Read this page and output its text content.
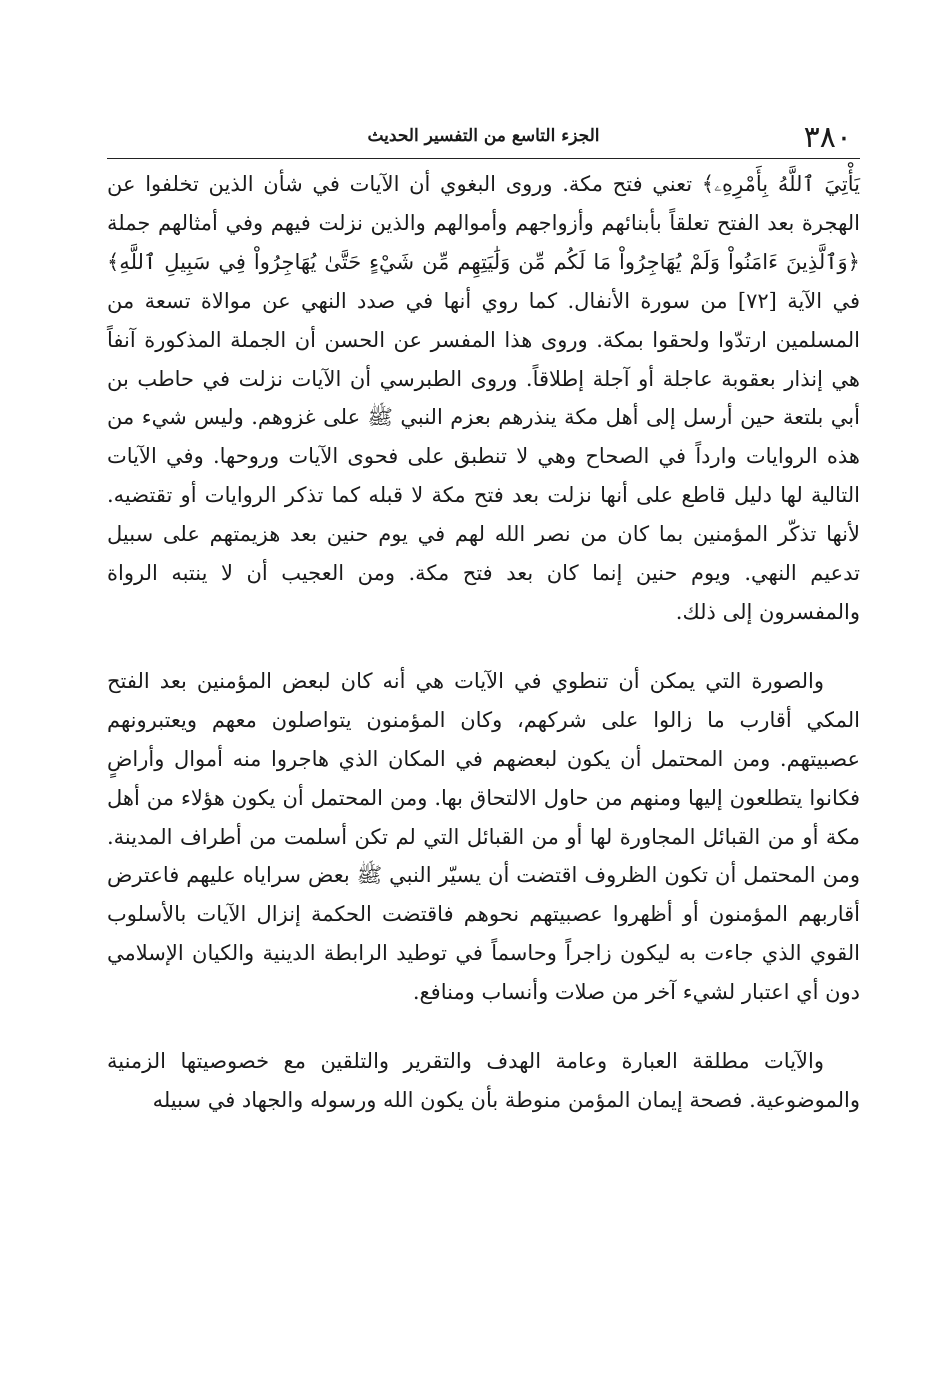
٣٨٠
الجزء التاسع من التفسير الحديث

يَأْتِيَ ٱللَّهُ بِأَمْرِهِۦ﴾ تعني فتح مكة. وروى البغوي أن الآيات في شأن الذين تخلفوا عن الهجرة بعد الفتح تعلقاً بأبنائهم وأزواجهم وأموالهم والذين نزلت فيهم وفي أمثالهم جملة ﴿وَٱلَّذِينَ ءَامَنُواْ وَلَمْ يُهَاجِرُواْ مَا لَكُم مِّن وَلَٰيَتِهِم مِّن شَيْءٍ حَتَّىٰ يُهَاجِرُواْ فِي سَبِيلِ ٱللَّهِ﴾ في الآية [٧٢] من سورة الأنفال. كما روي أنها في صدد النهي عن موالاة تسعة من المسلمين ارتدّوا ولحقوا بمكة. وروى هذا المفسر عن الحسن أن الجملة المذكورة آنفاً هي إنذار بعقوبة عاجلة أو آجلة إطلاقاً. وروى الطبرسي أن الآيات نزلت في حاطب بن أبي بلتعة حين أرسل إلى أهل مكة ينذرهم بعزم النبي ﷺ على غزوهم. وليس شيء من هذه الروايات وارداً في الصحاح وهي لا تنطبق على فحوى الآيات وروحها. وفي الآيات التالية لها دليل قاطع على أنها نزلت بعد فتح مكة لا قبله كما تذكر الروايات أو تقتضيه. لأنها تذكّر المؤمنين بما كان من نصر الله لهم في يوم حنين بعد هزيمتهم على سبيل تدعيم النهي. ويوم حنين إنما كان بعد فتح مكة. ومن العجيب أن لا ينتبه الرواة والمفسرون إلى ذلك.

والصورة التي يمكن أن تنطوي في الآيات هي أنه كان لبعض المؤمنين بعد الفتح المكي أقارب ما زالوا على شركهم، وكان المؤمنون يتواصلون معهم ويعتبرونهم عصبيتهم. ومن المحتمل أن يكون لبعضهم في المكان الذي هاجروا منه أموال وأراضٍ فكانوا يتطلعون إليها ومنهم من حاول الالتحاق بها. ومن المحتمل أن يكون هؤلاء من أهل مكة أو من القبائل المجاورة لها أو من القبائل التي لم تكن أسلمت من أطراف المدينة. ومن المحتمل أن تكون الظروف اقتضت أن يسيّر النبي ﷺ بعض سراياه عليهم فاعترض أقاربهم المؤمنون أو أظهروا عصبيتهم نحوهم فاقتضت الحكمة إنزال الآيات بالأسلوب القوي الذي جاءت به ليكون زاجراً وحاسماً في توطيد الرابطة الدينية والكيان الإسلامي دون أي اعتبار لشيء آخر من صلات وأنساب ومنافع.

والآيات مطلقة العبارة وعامة الهدف والتقرير والتلقين مع خصوصيتها الزمنية والموضوعية. فصحة إيمان المؤمن منوطة بأن يكون الله ورسوله والجهاد في سبيله
